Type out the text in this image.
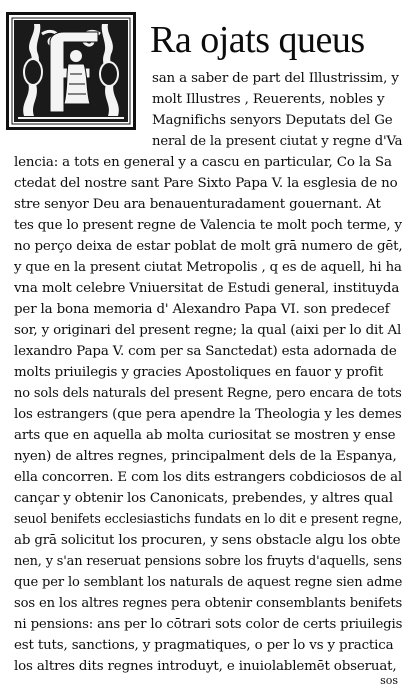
Ra ojats queus
san a saber de part del Illustrissim, y
molt Illustres , Reuerents, nobles y
Magnifichs senyors Deputats del Ge
neral de la present ciutat y regne d'Va
lencia: a tots en general y a cascu en particular, Co la Sa
ctedat del nostre sant Pare Sixto Papa V. la esglesia de no
stre senyor Deu ara benauenturadament gouernant. At
tes que lo present regne de Valencia te molt poch terme, y
no perço deixa de estar poblat de molt grā numero de gēt,
y que en la present ciutat Metropolis , q es de aquell, hi ha
vna molt celebre Vniuersitat de Estudi general, instituyda
per la bona memoria d' Alexandro Papa VI. son predecef
sor, y originari del present regne; la qual (aixi per lo dit Al
lexandro Papa V. com per sa Sanctedat) esta adornada de
molts priuilegis y gracies Apostoliques en fauor y profit
no sols dels naturals del present Regne, pero encara de tots
los estrangers (que pera apendre la Theologia y les demes
arts que en aquella ab molta curiositat se mostren y ense
nyen) de altres regnes, principalment dels de la Espanya,
ella concorren. E com los dits estrangers cobdiciosos de al
cançar y obtenir los Canonicats, prebendes, y altres qual
seuol benifets ecclesiastichs fundats en lo dit e present regne,
ab grā solicitut los procuren, y sens obstacle algu los obte
nen, y s'an reseruat pensions sobre los fruyts d'aquells, sens
que per lo semblant los naturals de aquest regne sien adme
sos en los altres regnes pera obtenir consemblants benifets
ni pensions: ans per lo cōtrari sots color de certs priuilegis
est tuts, sanctions, y pragmatiques, o per lo vs y practica
los altres dits regnes introduyt, e inuiolablemēt obseruat,
sos
